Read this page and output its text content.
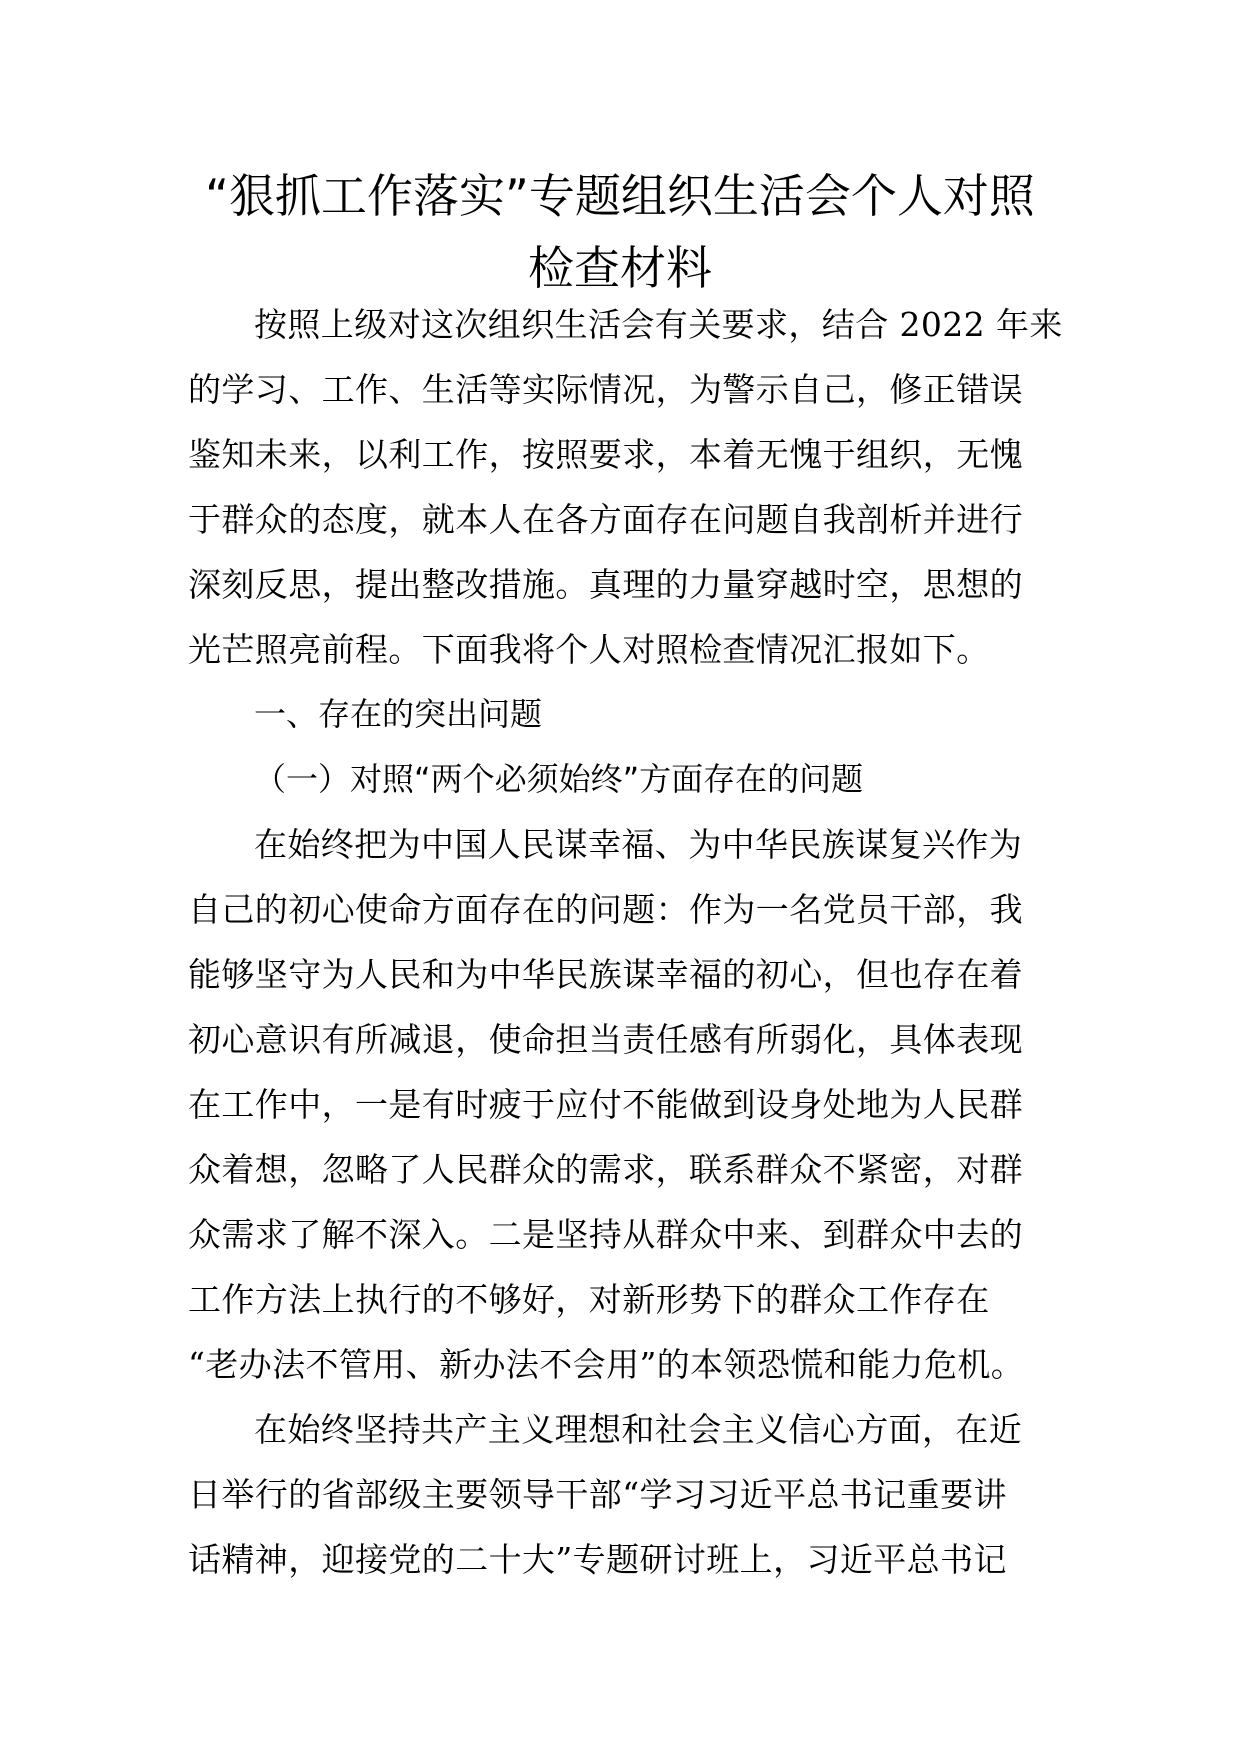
“狠抓工作落实”专题组织生活会个人对照
检查材料
按照上级对这次组织生活会有关要求，结合 2022 年来
的学习、工作、生活等实际情况，为警示自己，修正错误
鉴知未来，以利工作，按照要求，本着无愧于组织，无愧
于群众的态度，就本人在各方面存在问题自我剖析并进行
深刻反思，提出整改措施。真理的力量穿越时空，思想的
光芒照亮前程。下面我将个人对照检查情况汇报如下。
一、存在的突出问题
（一）对照“两个必须始终”方面存在的问题
在始终把为中国人民谋幸福、为中华民族谋复兴作为
自己的初心使命方面存在的问题：作为一名党员干部，我
能够坚守为人民和为中华民族谋幸福的初心，但也存在着
初心意识有所减退，使命担当责任感有所弱化，具体表现
在工作中，一是有时疲于应付不能做到设身处地为人民群
众着想，忽略了人民群众的需求，联系群众不紧密，对群
众需求了解不深入。二是坚持从群众中来、到群众中去的
工作方法上执行的不够好，对新形势下的群众工作存在
“老办法不管用、新办法不会用”的本领恐慌和能力危机。
在始终坚持共产主义理想和社会主义信心方面，在近
日举行的省部级主要领导干部“学习习近平总书记重要讲
话精神，迎接党的二十大”专题研讨班上，习近平总书记
